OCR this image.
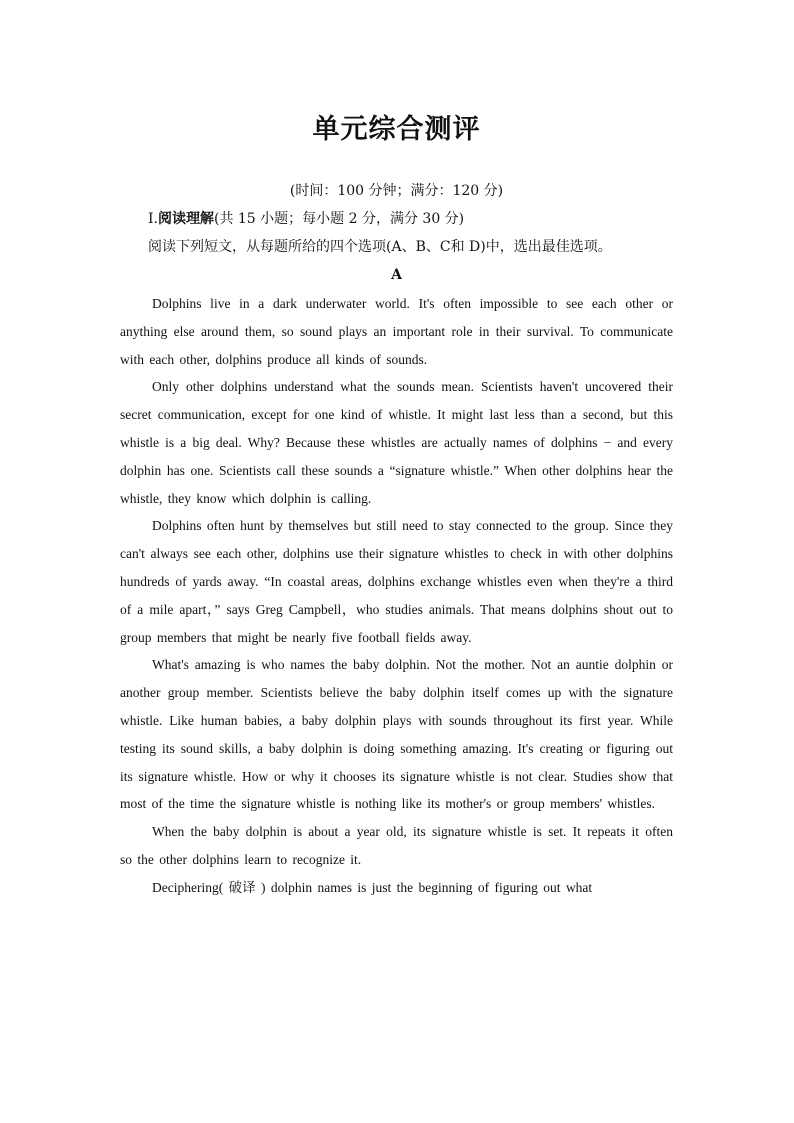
单元综合测评

(时间：100 分钟；满分：120 分)

Ⅰ.阅读理解(共 15 小题；每小题 2 分，满分 30 分)

阅读下列短文，从每题所给的四个选项(A、B、C和 D)中，选出最佳选项。

A

Dolphins live in a dark underwater world. It's often impossible to see each other or anything else around them, so sound plays an important role in their survival. To communicate with each other, dolphins produce all kinds of sounds.

Only other dolphins understand what the sounds mean. Scientists haven't uncovered their secret communication, except for one kind of whistle. It might last less than a second, but this whistle is a big deal. Why? Because these whistles are actually names of dolphins − and every dolphin has one. Scientists call these sounds a “signature whistle.” When other dolphins hear the whistle, they know which dolphin is calling.

Dolphins often hunt by themselves but still need to stay connected to the group. Since they can't always see each other, dolphins use their signature whistles to check in with other dolphins hundreds of yards away. “In coastal areas, dolphins exchange whistles even when they're a third of a mile apart，” says Greg Campbell，who studies animals. That means dolphins shout out to group members that might be nearly five football fields away.

What's amazing is who names the baby dolphin. Not the mother. Not an auntie dolphin or another group member. Scientists believe the baby dolphin itself comes up with the signature whistle. Like human babies, a baby dolphin plays with sounds throughout its first year. While testing its sound skills, a baby dolphin is doing something amazing. It's creating or figuring out its signature whistle. How or why it chooses its signature whistle is not clear. Studies show that most of the time the signature whistle is nothing like its mother's or group members' whistles.

When the baby dolphin is about a year old, its signature whistle is set. It repeats it often so the other dolphins learn to recognize it.

Deciphering( 破译 ) dolphin names is just the beginning of figuring out what
